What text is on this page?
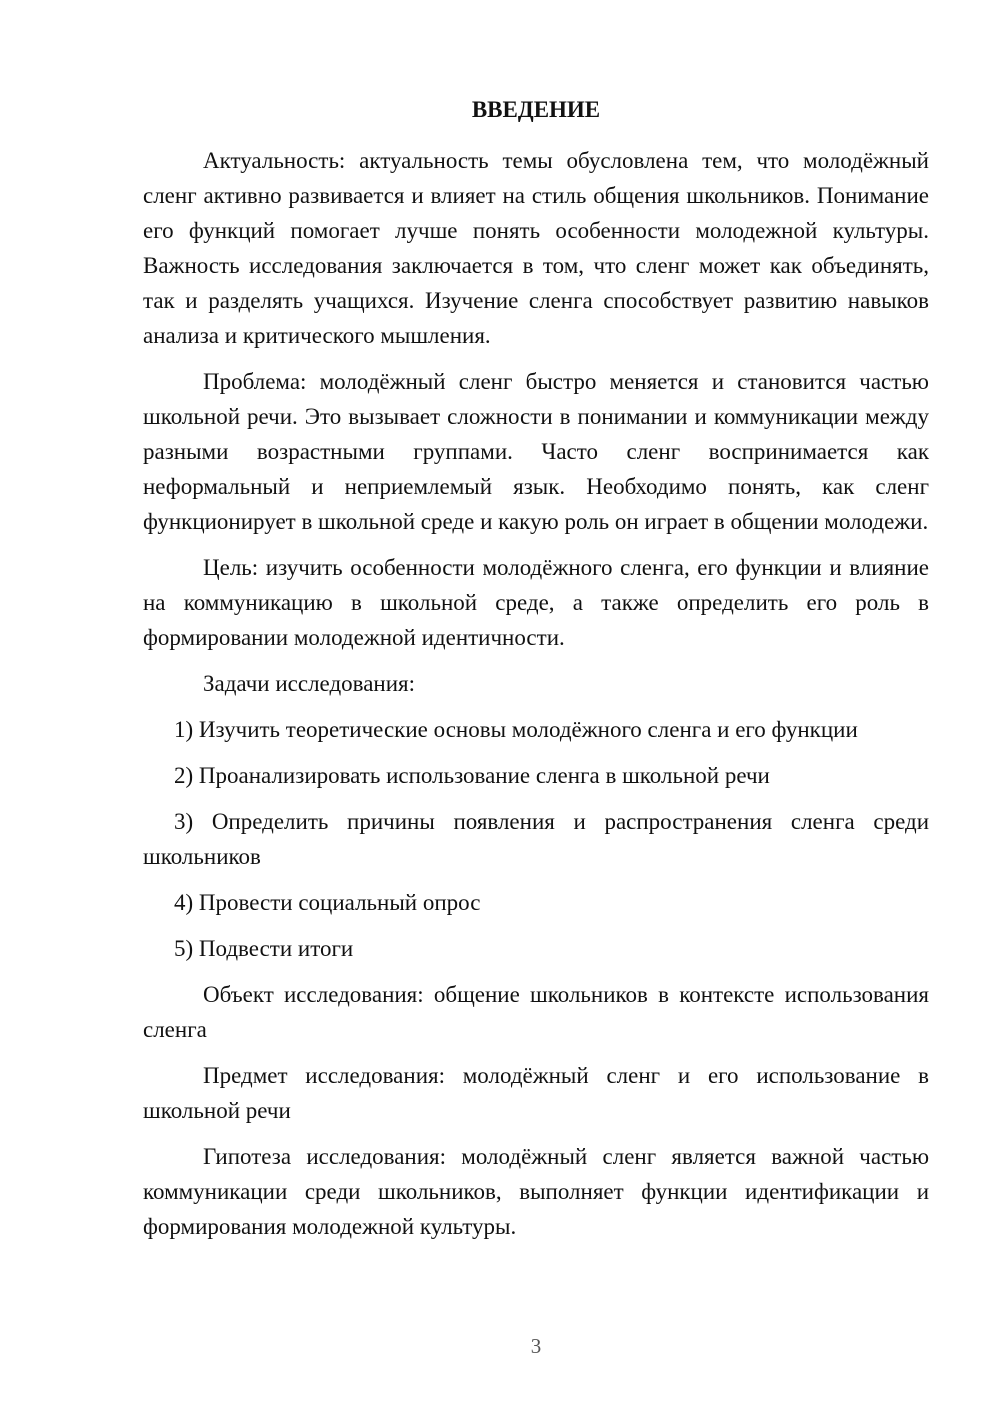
ВВЕДЕНИЕ

Актуальность: актуальность темы обусловлена тем, что молодёжный сленг активно развивается и влияет на стиль общения школьников. Понимание его функций помогает лучше понять особенности молодежной культуры. Важность исследования заключается в том, что сленг может как объединять, так и разделять учащихся. Изучение сленга способствует развитию навыков анализа и критического мышления.

Проблема: молодёжный сленг быстро меняется и становится частью школьной речи. Это вызывает сложности в понимании и коммуникации между разными возрастными группами. Часто сленг воспринимается как неформальный и неприемлемый язык. Необходимо понять, как сленг функционирует в школьной среде и какую роль он играет в общении молодежи.

Цель: изучить особенности молодёжного сленга, его функции и влияние на коммуникацию в школьной среде, а также определить его роль в формировании молодежной идентичности.

Задачи исследования:

1) Изучить теоретические основы молодёжного сленга и его функции

2) Проанализировать использование сленга в школьной речи

3) Определить причины появления и распространения сленга среди школьников

4) Провести социальный опрос

5) Подвести итоги

Объект исследования: общение школьников в контексте использования сленга

Предмет исследования: молодёжный сленг и его использование в школьной речи

Гипотеза исследования: молодёжный сленг является важной частью коммуникации среди школьников, выполняет функции идентификации и формирования молодежной культуры.

3
